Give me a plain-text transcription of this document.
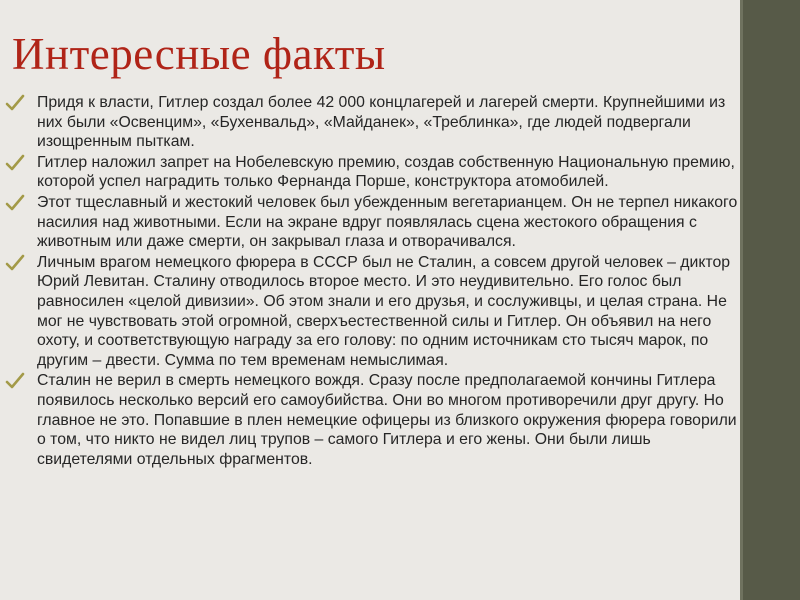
Интересные факты
Придя к власти, Гитлер создал более 42 000 концлагерей и лагерей смерти. Крупнейшими из них были «Освенцим», «Бухенвальд», «Майданек», «Треблинка», где людей подвергали изощренным пыткам.
Гитлер наложил запрет на Нобелевскую премию, создав собственную Национальную премию, которой успел наградить только Фернанда Порше, конструктора атомобилей.
Этот тщеславный и жестокий человек был убежденным вегетарианцем. Он не терпел никакого насилия над животными. Если на экране вдруг появлялась сцена жестокого обращения с животным или даже смерти, он закрывал глаза и отворачивался.
Личным врагом немецкого фюрера в СССР был не Сталин, а совсем другой человек – диктор Юрий Левитан. Сталину отводилось второе место. И это неудивительно. Его голос был равносилен «целой дивизии». Об этом знали и его друзья, и сослуживцы, и целая страна. Не мог не чувствовать этой огромной, сверхъестественной силы и Гитлер. Он объявил на него охоту, и соответствующую награду за его голову: по одним источникам сто тысяч марок, по другим – двести. Сумма по тем временам немыслимая.
Сталин не верил в смерть немецкого вождя. Сразу после предполагаемой кончины Гитлера появилось несколько версий его самоубийства. Они во многом противоречили друг другу. Но главное не это. Попавшие в плен немецкие офицеры из близкого окружения фюрера говорили о том, что никто не видел лиц трупов – самого Гитлера и его жены. Они были лишь свидетелями отдельных фрагментов.
